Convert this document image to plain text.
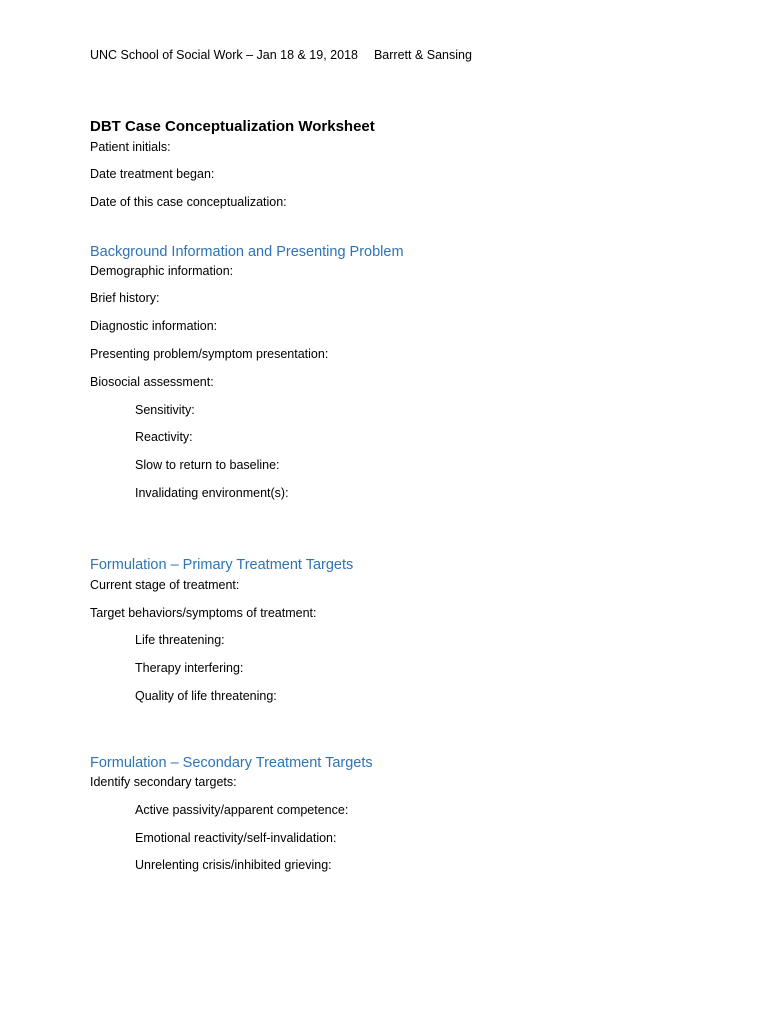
UNC School of Social Work – Jan 18 & 19, 2018 Barrett & Sansing
DBT Case Conceptualization Worksheet
Patient initials:
Date treatment began:
Date of this case conceptualization:
Background Information and Presenting Problem
Demographic information:
Brief history:
Diagnostic information:
Presenting problem/symptom presentation:
Biosocial assessment:
Sensitivity:
Reactivity:
Slow to return to baseline:
Invalidating environment(s):
Formulation – Primary Treatment Targets
Current stage of treatment:
Target behaviors/symptoms of treatment:
Life threatening:
Therapy interfering:
Quality of life threatening:
Formulation – Secondary Treatment Targets
Identify secondary targets:
Active passivity/apparent competence:
Emotional reactivity/self-invalidation:
Unrelenting crisis/inhibited grieving:
